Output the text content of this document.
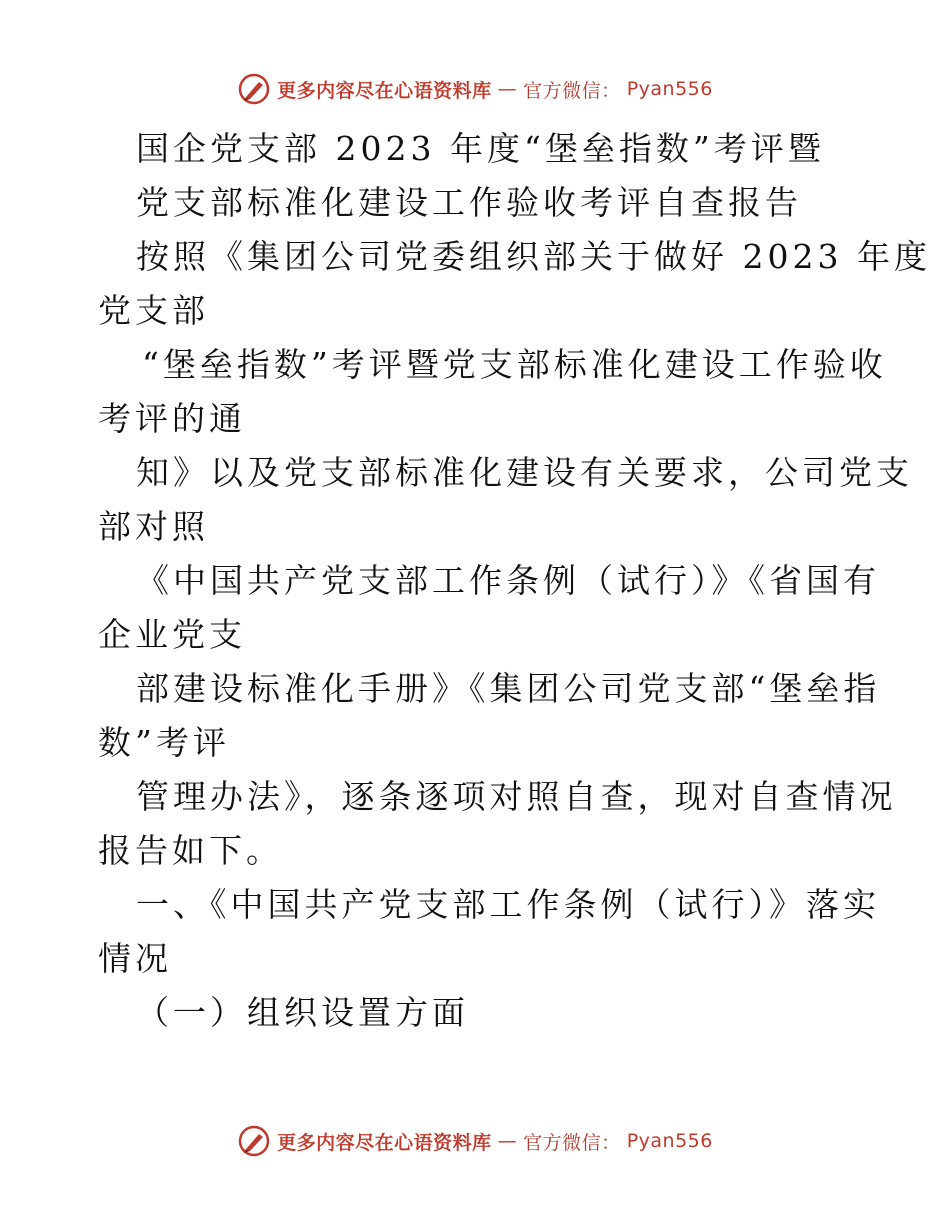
更多内容尽在心语资料库 — 官方微信： Pyan556
国企党支部 2023 年度“堡垒指数”考评暨
党支部标准化建设工作验收考评自查报告
按照《集团公司党委组织部关于做好 2023 年度
党支部
“堡垒指数”考评暨党支部标准化建设工作验收
考评的通
知》以及党支部标准化建设有关要求，公司党支
部对照
《中国共产党支部工作条例（试行）》《省国有
企业党支
部建设标准化手册》《集团公司党支部“堡垒指
数”考评
管理办法》，逐条逐项对照自查，现对自查情况
报告如下。
一、《中国共产党支部工作条例（试行）》落实
情况
（一）组织设置方面
更多内容尽在心语资料库 — 官方微信： Pyan556
